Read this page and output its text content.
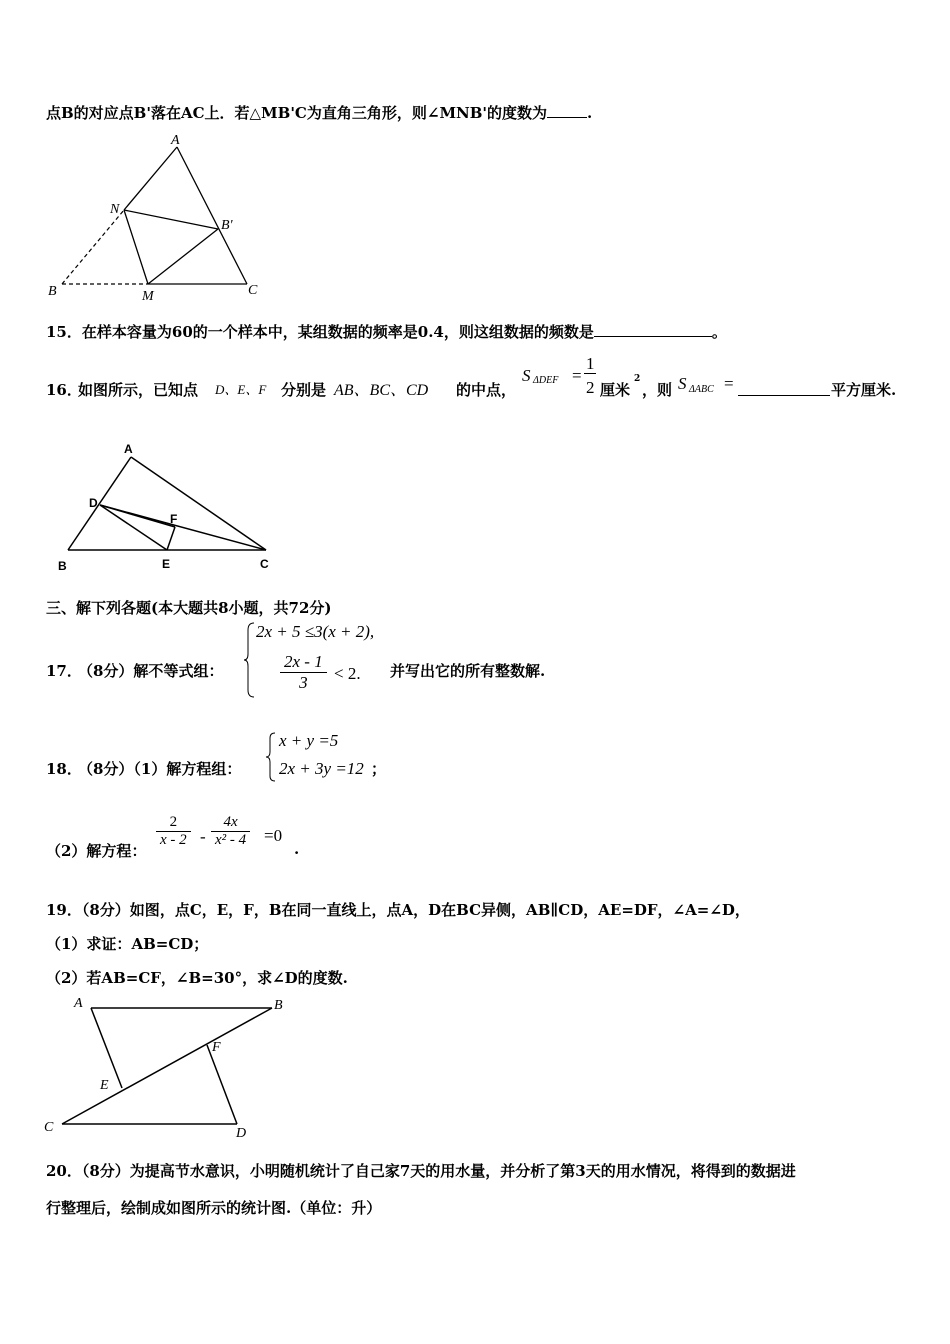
点B的对应点B'落在AC上．若△MB'C为直角三角形，则∠MNB'的度数为	.
A
N
B'
B	M	C
15．在样本容量为60的一个样本中，某组数据的频率是0.4，则这组数据的频数是	。
16．
如图所示，已知点 D、E、F 分别是 AB、BC、CD 的中点，
S ΔDEF =
1
2 厘米
2
，则 S ΔABC =	平方厘米.
A
D
F
B	E	C
三、解下列各题(本大题共8小题，共72分)
17．
（8分）解不等式组：
2x + 5 ≤3(x + 2),
$\frac{2x - 1}{3} < 2$. 并写出它的所有整数解.
18．
（8分）（1）解方程组：
x + y =5
2x + 3y =12 ；
（2）解方程：
$\frac{2}{x - 2} - \frac{4x}{\text{x² - 4}} =0$
.
19．（8分）如图，点C，E，F，B在同一直线上，点A，D在BC异侧，AB∥CD，AE=DF，∠A=∠D，
（1）求证：AB=CD；
（2）若AB=CF，∠B=30°，求∠D的度数.
A	B
F
E
C	D
20．（8分）为提高节水意识，小明随机统计了自己家7天的用水量，并分析了第3天的用水情况，将得到的数据进
行整理后，绘制成如图所示的统计图.（单位：升）
